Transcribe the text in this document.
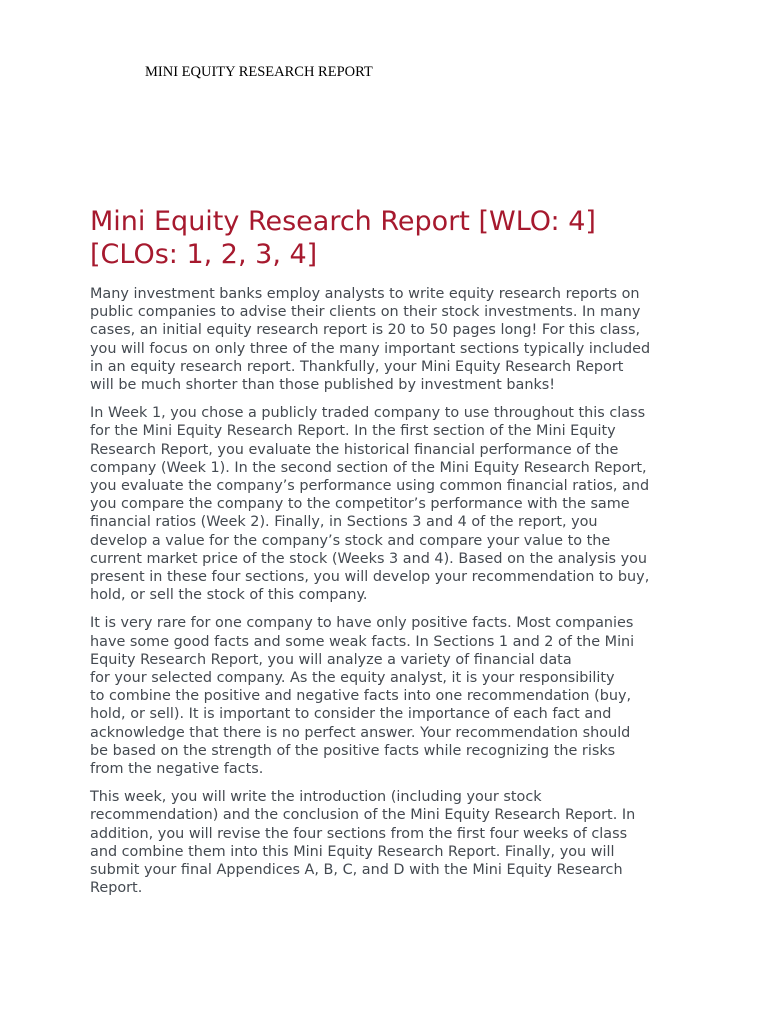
MINI EQUITY RESEARCH REPORT
Mini Equity Research Report [WLO: 4]
[CLOs: 1, 2, 3, 4]

Many investment banks employ analysts to write equity research reports on
public companies to advise their clients on their stock investments. In many
cases, an initial equity research report is 20 to 50 pages long! For this class,
you will focus on only three of the many important sections typically included
in an equity research report. Thankfully, your Mini Equity Research Report
will be much shorter than those published by investment banks!

In Week 1, you chose a publicly traded company to use throughout this class
for the Mini Equity Research Report. In the first section of the Mini Equity
Research Report, you evaluate the historical financial performance of the
company (Week 1). In the second section of the Mini Equity Research Report,
you evaluate the company’s performance using common financial ratios, and
you compare the company to the competitor’s performance with the same
financial ratios (Week 2). Finally, in Sections 3 and 4 of the report, you
develop a value for the company’s stock and compare your value to the
current market price of the stock (Weeks 3 and 4). Based on the analysis you
present in these four sections, you will develop your recommendation to buy,
hold, or sell the stock of this company.

It is very rare for one company to have only positive facts. Most companies
have some good facts and some weak facts. In Sections 1 and 2 of the Mini
Equity Research Report, you will analyze a variety of financial data
for your selected company. As the equity analyst, it is your responsibility
to combine the positive and negative facts into one recommendation (buy,
hold, or sell). It is important to consider the importance of each fact and
acknowledge that there is no perfect answer. Your recommendation should
be based on the strength of the positive facts while recognizing the risks
from the negative facts.

This week, you will write the introduction (including your stock
recommendation) and the conclusion of the Mini Equity Research Report. In
addition, you will revise the four sections from the first four weeks of class
and combine them into this Mini Equity Research Report. Finally, you will
submit your final Appendices A, B, C, and D with the Mini Equity Research
Report.
